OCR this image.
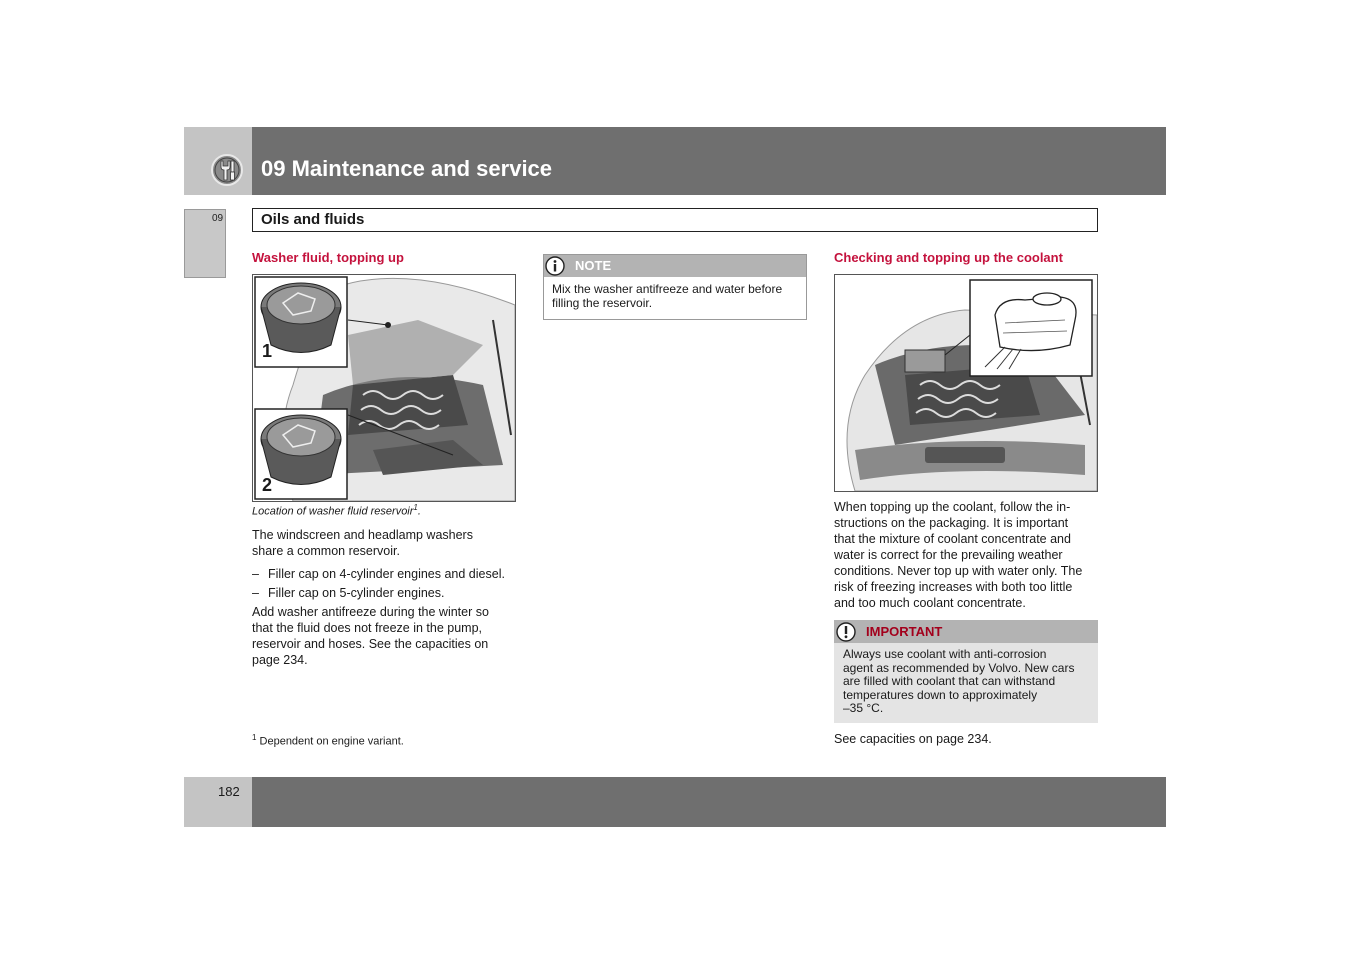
09 Maintenance and service
09	Oils and fluids
Washer fluid, topping up
1
2
Location of washer fluid reservoir$^1$.
The windscreen and headlamp washers
share a common reservoir.
– Filler cap on 4-cylinder engines and diesel.
– Filler cap on 5-cylinder engines.
Add washer antifreeze during the winter so
that the fluid does not freeze in the pump,
reservoir and hoses. See the capacities on
page 234.
$^1$ Dependent on engine variant.
NOTE
Mix the washer antifreeze and water before
filling the reservoir.
Checking and topping up the coolant
When topping up the coolant, follow the in-
structions on the packaging. It is important
that the mixture of coolant concentrate and
water is correct for the prevailing weather
conditions. Never top up with water only. The
risk of freezing increases with both too little
and too much coolant concentrate.
IMPORTANT
Always use coolant with anti-corrosion
agent as recommended by Volvo. New cars
are filled with coolant that can withstand
temperatures down to approximately
–35 °C.
See capacities on page 234.
182
